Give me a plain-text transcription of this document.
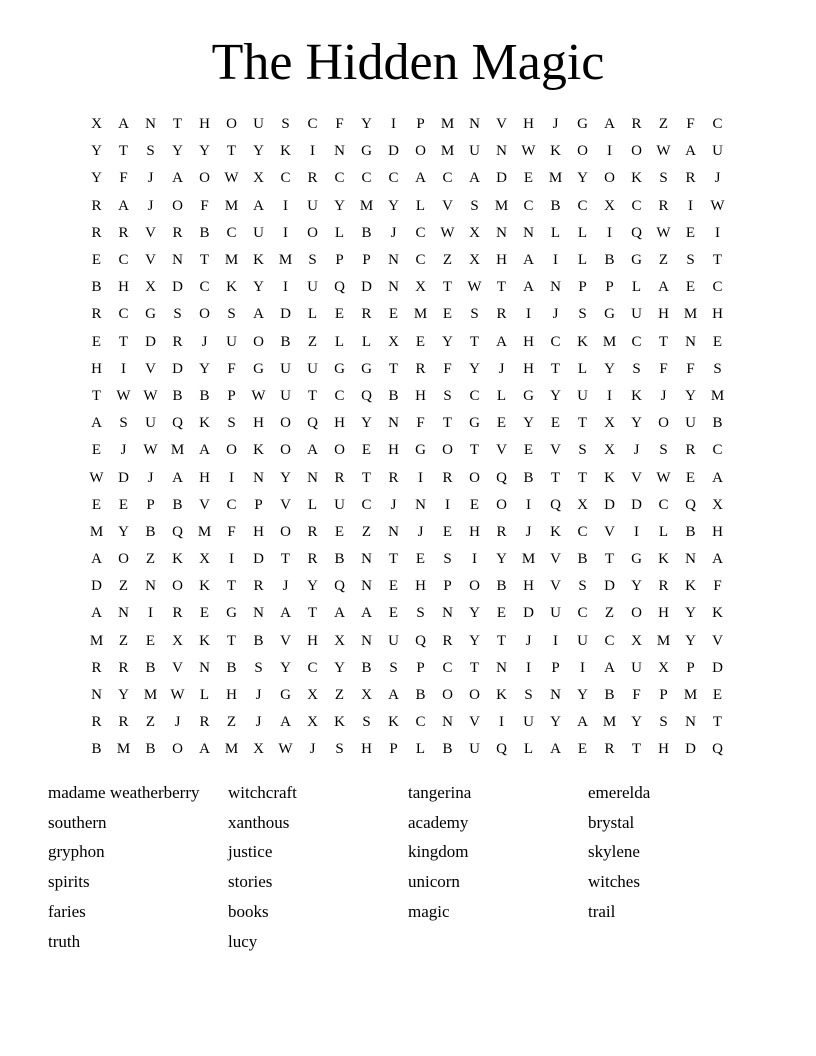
The Hidden Magic
X	A	N	T	H	O	U	S	C	F	Y	I	P	M N	V	H	J	G	A	R	Z	F	C
Y	T	S	Y	Y	T	Y	K	I	N	G	D	O M U	N W K	O	I	O W A	U
Y	F	J	A	O W X	C	R	C	C	C	A	C	A	D	E	M Y	O	K	S	R	J
R	A	J	O	F	M A	I	U	Y M Y	L	V	S	M	C	B	C	X	C	R	I	W
R	R	V	R	B	C	U	I	O	L	B	J	C W X	N	N	L	L	I	Q W	E	I
E	C	V	N	T	M K M	S	P	P	N	C	Z	X	H	A	I	L	B	G	Z	S	T
B	H	X	D	C	K	Y	I	U	Q	D	N	X	T	W	T	A	N	P	P	L	A	E	C
R	C	G	S	O	S	A	D	L	E	R	E	M	E	S	R	I	J	S	G	U	H M H
E	T	D	R	J	U	O	B	Z	L	L	X	E	Y	T	A	H	C	K M	C	T	N	E
H	I	V	D	Y	F	G	U	U	G	G	T	R	F	Y	J	H	T	L	Y	S	F	F	S
T	W W B	B	P	W U	T	C	Q	B	H	S	C	L	G	Y	U	I	K	J	Y M
A	S	U	Q	K	S	H	O	Q	H	Y	N	F	T	G	E	Y	E	T	X	Y	O	U	B
E	J	W M A	O	K	O	A	O	E	H	G	O	T	V	E	V	S	X	J	S	R	C
W D	J	A	H	I	N	Y	N	R	T	R	I	R	O	Q	B	T	T	K	V W	E	A
E	E	P	B	V	C	P	V	L	U	C	J	N	I	E	O	I	Q	X	D	D	C	Q	X
M Y	B	Q M	F	H	O	R	E	Z	N	J	E	H	R	J	K	C	V	I	L	B	H
A	O	Z	K	X	I	D	T	R	B	N	T	E	S	I	Y M V	B	T	G	K	N	A
D	Z	N	O	K	T	R	J	Y	Q	N	E	H	P	O	B	H	V	S	D	Y	R	K	F
A	N	I	R	E	G	N	A	T	A	A	E	S	N	Y	E	D	U	C	Z	O	H	Y	K
M	Z	E	X	K	T	B	V	H	X	N	U	Q	R	Y	T	J	I	U	C	X M Y	V
R	R	B	V	N	B	S	Y	C	Y	B	S	P	C	T	N	I	P	I	A	U	X	P	D
N	Y M W	L	H	J	G	X	Z	X	A	B	O	O	K	S	N	Y	B	F	P	M	E
R	R	Z	J	R	Z	J	A	X	K	S	K	C	N	V	I	U	Y	A M Y	S	N	T
B	M	B	O	A M X W	J	S	H	P	L	B	U	Q	L	A	E	R	T	H	D	Q
madame weatherberry
southern
gryphon
spirits
faries
truth
witchcraft
xanthous
justice
stories
books
lucy
tangerina
academy
kingdom
unicorn
magic
emerelda
brystal
skylene
witches
trail
